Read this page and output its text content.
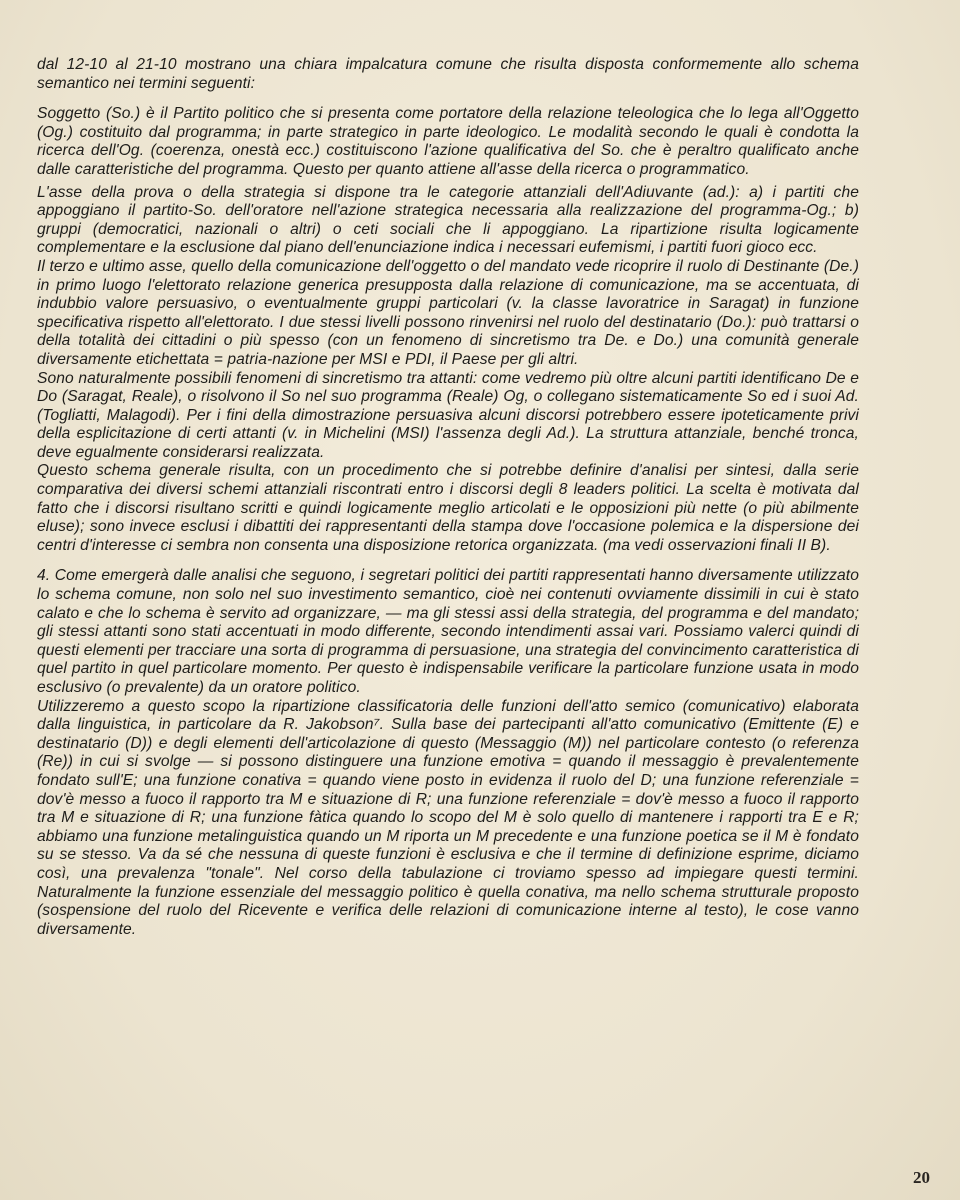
dal 12-10 al 21-10 mostrano una chiara impalcatura comune che risulta disposta conformemente allo schema semantico nei termini seguenti:

Soggetto (So.) è il Partito politico che si presenta come portatore della relazione teleologica che lo lega all'Oggetto (Og.) costituito dal programma; in parte strategico in parte ideologico. Le modalità secondo le quali è condotta la ricerca dell'Og. (coerenza, onestà ecc.) costituiscono l'azione qualificativa del So. che è peraltro qualificato anche dalle caratteristiche del programma. Questo per quanto attiene all'asse della ricerca o programmatico.

L'asse della prova o della strategia si dispone tra le categorie attanziali dell'Adiuvante (ad.): a) i partiti che appoggiano il partito-So. dell'oratore nell'azione strategica necessaria alla realizzazione del programma-Og.; b) gruppi (democratici, nazionali o altri) o ceti sociali che li appoggiano. La ripartizione risulta logicamente complementare e la esclusione dal piano dell'enunciazione indica i necessari eufemismi, i partiti fuori gioco ecc.

Il terzo e ultimo asse, quello della comunicazione dell'oggetto o del mandato vede ricoprire il ruolo di Destinante (De.) in primo luogo l'elettorato relazione generica presupposta dalla relazione di comunicazione, ma se accentuata, di indubbio valore persuasivo, o eventualmente gruppi particolari (v. la classe lavoratrice in Saragat) in funzione specificativa rispetto all'elettorato. I due stessi livelli possono rinvenirsi nel ruolo del destinatario (Do.): può trattarsi o della totalità dei cittadini o più spesso (con un fenomeno di sincretismo tra De. e Do.) una comunità generale diversamente etichettata = patria-nazione per MSI e PDI, il Paese per gli altri.

Sono naturalmente possibili fenomeni di sincretismo tra attanti: come vedremo più oltre alcuni partiti identificano De e Do (Saragat, Reale), o risolvono il So nel suo programma (Reale) Og, o collegano sistematicamente So ed i suoi Ad. (Togliatti, Malagodi). Per i fini della dimostrazione persuasiva alcuni discorsi potrebbero essere ipoteticamente privi della esplicitazione di certi attanti (v. in Michelini (MSI) l'assenza degli Ad.). La struttura attanziale, benché tronca, deve egualmente considerarsi realizzata.

Questo schema generale risulta, con un procedimento che si potrebbe definire d'analisi per sintesi, dalla serie comparativa dei diversi schemi attanziali riscontrati entro i discorsi degli 8 leaders politici. La scelta è motivata dal fatto che i discorsi risultano scritti e quindi logicamente meglio articolati e le opposizioni più nette (o più abilmente eluse); sono invece esclusi i dibattiti dei rappresentanti della stampa dove l'occasione polemica e la dispersione dei centri d'interesse ci sembra non consenta una disposizione retorica organizzata. (ma vedi osservazioni finali II B).

4. Come emergerà dalle analisi che seguono, i segretari politici dei partiti rappresentati hanno diversamente utilizzato lo schema comune, non solo nel suo investimento semantico, cioè nei contenuti ovviamente dissimili in cui è stato calato e che lo schema è servito ad organizzare, — ma gli stessi assi della strategia, del programma e del mandato; gli stessi attanti sono stati accentuati in modo differente, secondo intendimenti assai vari. Possiamo valerci quindi di questi elementi per tracciare una sorta di programma di persuasione, una strategia del convincimento caratteristica di quel partito in quel particolare momento. Per questo è indispensabile verificare la particolare funzione usata in modo esclusivo (o prevalente) da un oratore politico.

Utilizzeremo a questo scopo la ripartizione classificatoria delle funzioni dell'atto semico (comunicativo) elaborata dalla linguistica, in particolare da R. Jakobson⁷. Sulla base dei partecipanti all'atto comunicativo (Emittente (E) e destinatario (D)) e degli elementi dell'articolazione di questo (Messaggio (M)) nel particolare contesto (o referenza (Re)) in cui si svolge — si possono distinguere una funzione emotiva = quando il messaggio è prevalentemente fondato sull'E; una funzione conativa = quando viene posto in evidenza il ruolo del D; una funzione referenziale = dov'è messo a fuoco il rapporto tra M e situazione di R; una funzione referenziale = dov'è messo a fuoco il rapporto tra M e situazione di R; una funzione fàtica quando lo scopo del M è solo quello di mantenere i rapporti tra E e R; abbiamo una funzione metalinguistica quando un M riporta un M precedente e una funzione poetica se il M è fondato su se stesso. Va da sé che nessuna di queste funzioni è esclusiva e che il termine di definizione esprime, diciamo così, una prevalenza "tonale". Nel corso della tabulazione ci troviamo spesso ad impiegare questi termini. Naturalmente la funzione essenziale del messaggio politico è quella conativa, ma nello schema strutturale proposto (sospensione del ruolo del Ricevente e verifica delle relazioni di comunicazione interne al testo), le cose vanno diversamente.

20
